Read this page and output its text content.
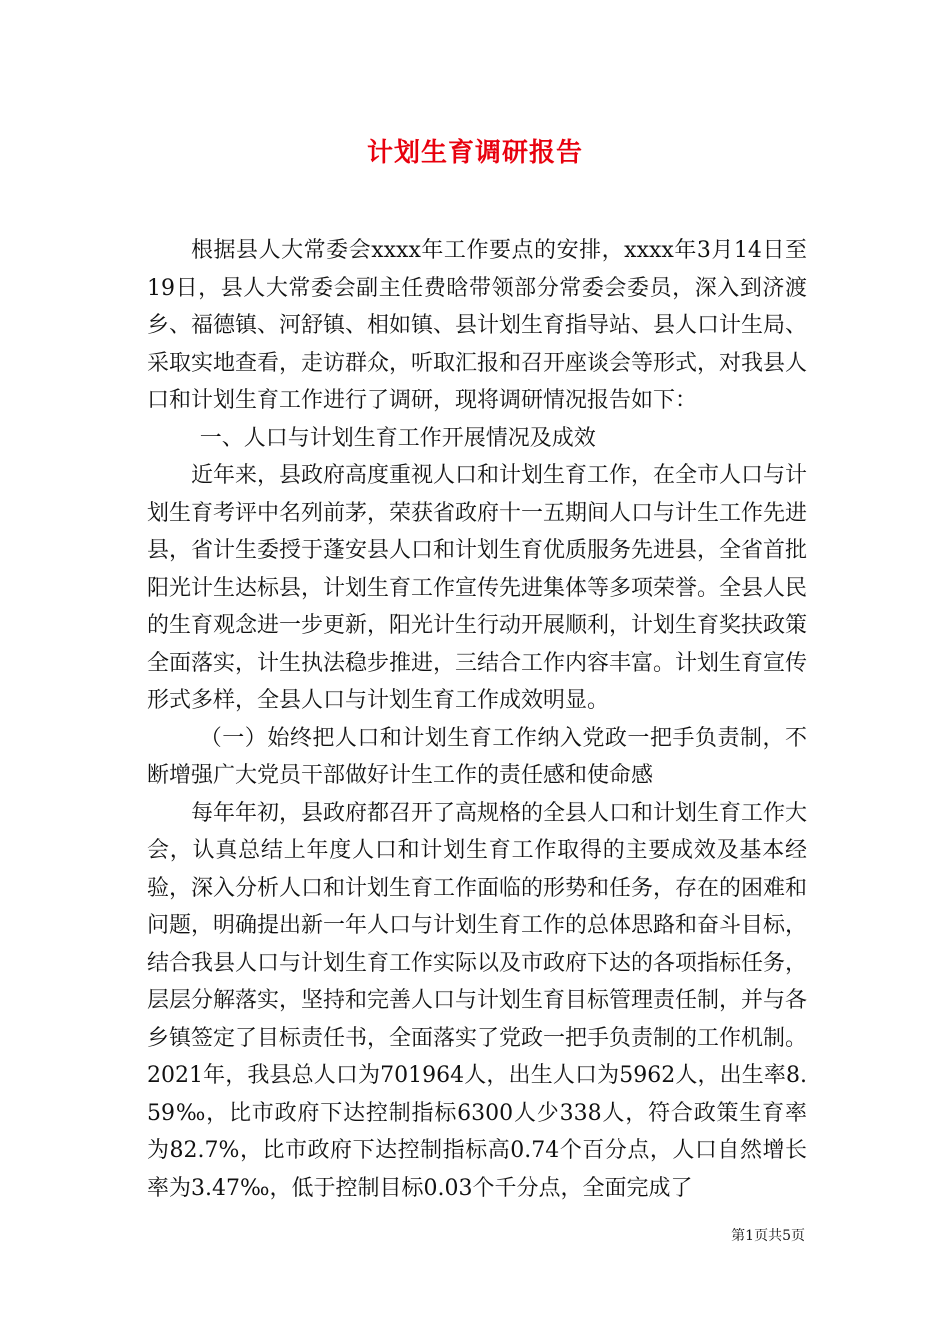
计划生育调研报告

根据县人大常委会xxxx年工作要点的安排，xxxx年3月14日至19日，县人大常委会副主任费晗带领部分常委会委员，深入到济渡乡、福德镇、河舒镇、相如镇、县计划生育指导站、县人口计生局、采取实地查看，走访群众，听取汇报和召开座谈会等形式，对我县人口和计划生育工作进行了调研，现将调研情况报告如下：

一、人口与计划生育工作开展情况及成效

近年来，县政府高度重视人口和计划生育工作，在全市人口与计划生育考评中名列前茅，荣获省政府十一五期间人口与计生工作先进县，省计生委授于蓬安县人口和计划生育优质服务先进县，全省首批阳光计生达标县，计划生育工作宣传先进集体等多项荣誉。全县人民的生育观念进一步更新，阳光计生行动开展顺利，计划生育奖扶政策全面落实，计生执法稳步推进，三结合工作内容丰富。计划生育宣传形式多样，全县人口与计划生育工作成效明显。

（一）始终把人口和计划生育工作纳入党政一把手负责制，不断增强广大党员干部做好计生工作的责任感和使命感

每年年初，县政府都召开了高规格的全县人口和计划生育工作大会，认真总结上年度人口和计划生育工作取得的主要成效及基本经验，深入分析人口和计划生育工作面临的形势和任务，存在的困难和问题，明确提出新一年人口与计划生育工作的总体思路和奋斗目标，结合我县人口与计划生育工作实际以及市政府下达的各项指标任务，层层分解落实，坚持和完善人口与计划生育目标管理责任制，并与各乡镇签定了目标责任书，全面落实了党政一把手负责制的工作机制。2021年，我县总人口为701964人，出生人口为5962人，出生率8.59‰，比市政府下达控制指标6300人少338人，符合政策生育率为82.7%，比市政府下达控制指标高0.74个百分点，人口自然增长率为3.47‰，低于控制目标0.03个千分点，全面完成了

第1页共5页
